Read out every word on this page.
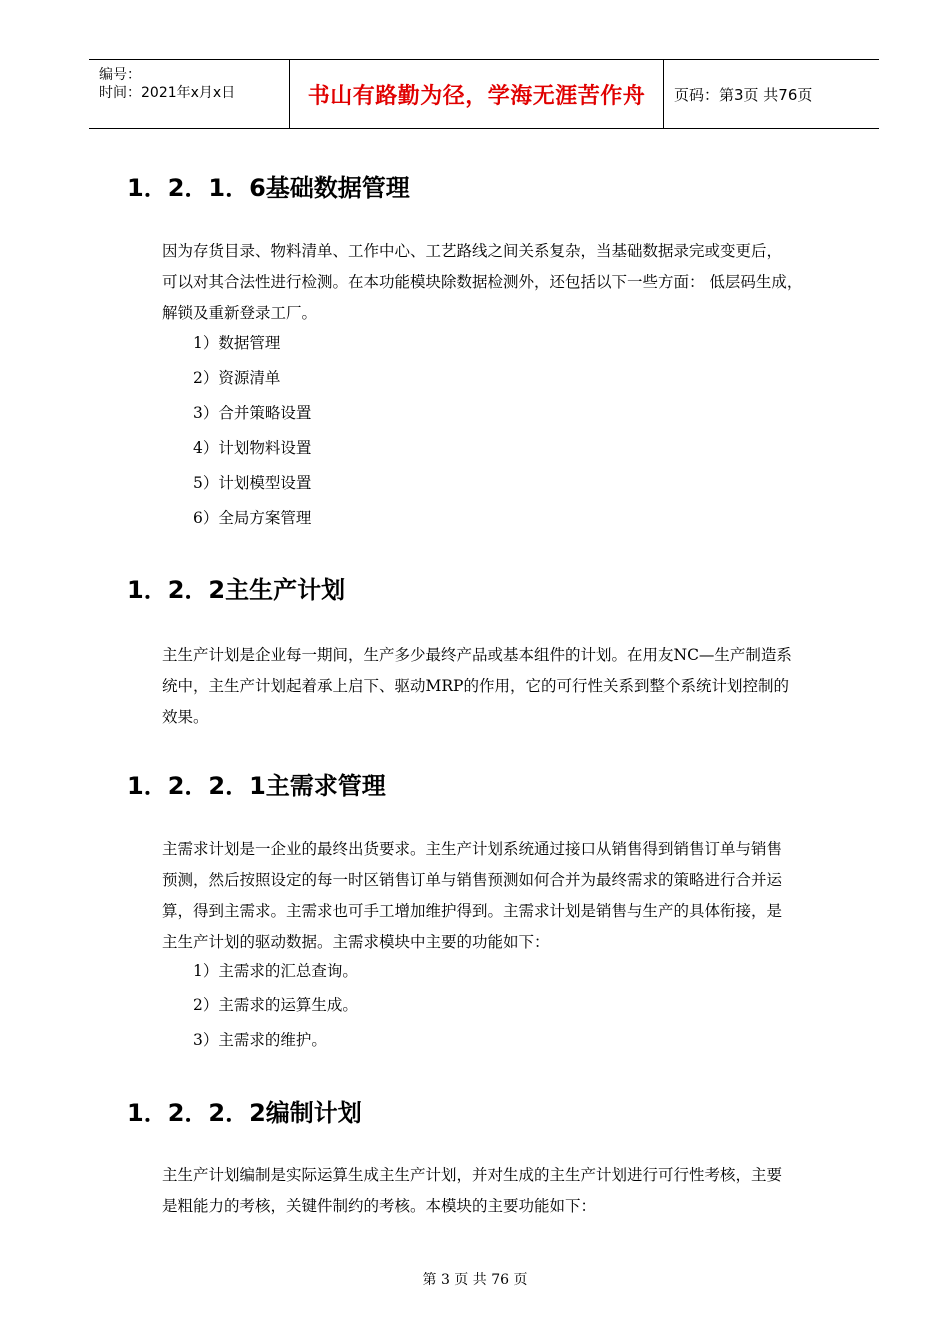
编号：
时间：2021年x月x日	书山有路勤为径，学海无涯苦作舟	页码：第3页 共76页
1．2．1．6基础数据管理
因为存货目录、物料清单、工作中心、工艺路线之间关系复杂，当基础数据录完或变更后，
可以对其合法性进行检测。在本功能模块除数据检测外，还包括以下一些方面： 低层码生成，
解锁及重新登录工厂。
1）数据管理
2）资源清单
3）合并策略设置
4）计划物料设置
5）计划模型设置
6）全局方案管理
1．2．2主生产计划
主生产计划是企业每一期间，生产多少最终产品或基本组件的计划。在用友NC—生产制造系
统中，主生产计划起着承上启下、驱动MRP的作用，它的可行性关系到整个系统计划控制的
效果。
1．2．2．1主需求管理
主需求计划是一企业的最终出货要求。主生产计划系统通过接口从销售得到销售订单与销售
预测，然后按照设定的每一时区销售订单与销售预测如何合并为最终需求的策略进行合并运
算，得到主需求。主需求也可手工增加维护得到。主需求计划是销售与生产的具体衔接，是
主生产计划的驱动数据。主需求模块中主要的功能如下：
1）主需求的汇总查询。
2）主需求的运算生成。
3）主需求的维护。
1．2．2．2编制计划
主生产计划编制是实际运算生成主生产计划，并对生成的主生产计划进行可行性考核，主要
是粗能力的考核，关键件制约的考核。本模块的主要功能如下：
第 3 页 共 76 页
